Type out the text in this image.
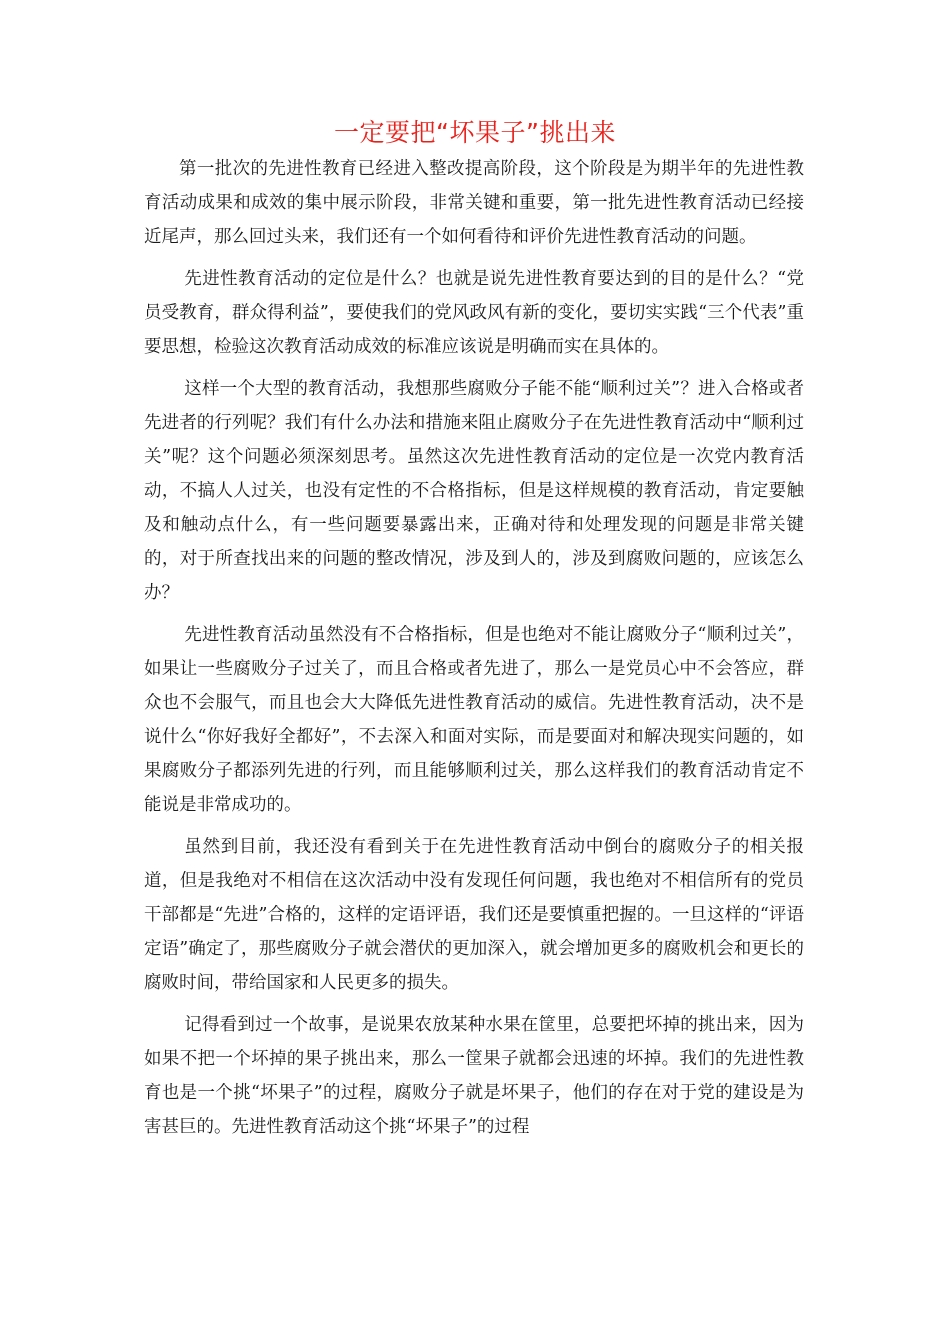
一定要把“坏果子”挑出来

第一批次的先进性教育已经进入整改提高阶段，这个阶段是为期半年的先进性教育活动成果和成效的集中展示阶段，非常关键和重要，第一批先进性教育活动已经接近尾声，那么回过头来，我们还有一个如何看待和评价先进性教育活动的问题。

先进性教育活动的定位是什么？也就是说先进性教育要达到的目的是什么？“党员受教育，群众得利益”，要使我们的党风政风有新的变化，要切实实践“三个代表”重要思想，检验这次教育活动成效的标准应该说是明确而实在具体的。

这样一个大型的教育活动，我想那些腐败分子能不能“顺利过关”？进入合格或者先进者的行列呢？我们有什么办法和措施来阻止腐败分子在先进性教育活动中“顺利过关”呢？这个问题必须深刻思考。虽然这次先进性教育活动的定位是一次党内教育活动，不搞人人过关，也没有定性的不合格指标，但是这样规模的教育活动，肯定要触及和触动点什么，有一些问题要暴露出来，正确对待和处理发现的问题是非常关键的，对于所查找出来的问题的整改情况，涉及到人的，涉及到腐败问题的，应该怎么办？

先进性教育活动虽然没有不合格指标，但是也绝对不能让腐败分子“顺利过关”，如果让一些腐败分子过关了，而且合格或者先进了，那么一是党员心中不会答应，群众也不会服气，而且也会大大降低先进性教育活动的威信。先进性教育活动，决不是说什么“你好我好全都好”，不去深入和面对实际，而是要面对和解决现实问题的，如果腐败分子都添列先进的行列，而且能够顺利过关，那么这样我们的教育活动肯定不能说是非常成功的。

虽然到目前，我还没有看到关于在先进性教育活动中倒台的腐败分子的相关报道，但是我绝对不相信在这次活动中没有发现任何问题，我也绝对不相信所有的党员干部都是“先进”合格的，这样的定语评语，我们还是要慎重把握的。一旦这样的“评语定语”确定了，那些腐败分子就会潜伏的更加深入，就会增加更多的腐败机会和更长的腐败时间，带给国家和人民更多的损失。

记得看到过一个故事，是说果农放某种水果在筐里，总要把坏掉的挑出来，因为如果不把一个坏掉的果子挑出来，那么一筐果子就都会迅速的坏掉。我们的先进性教育也是一个挑“坏果子”的过程，腐败分子就是坏果子，他们的存在对于党的建设是为害甚巨的。先进性教育活动这个挑“坏果子”的过程
